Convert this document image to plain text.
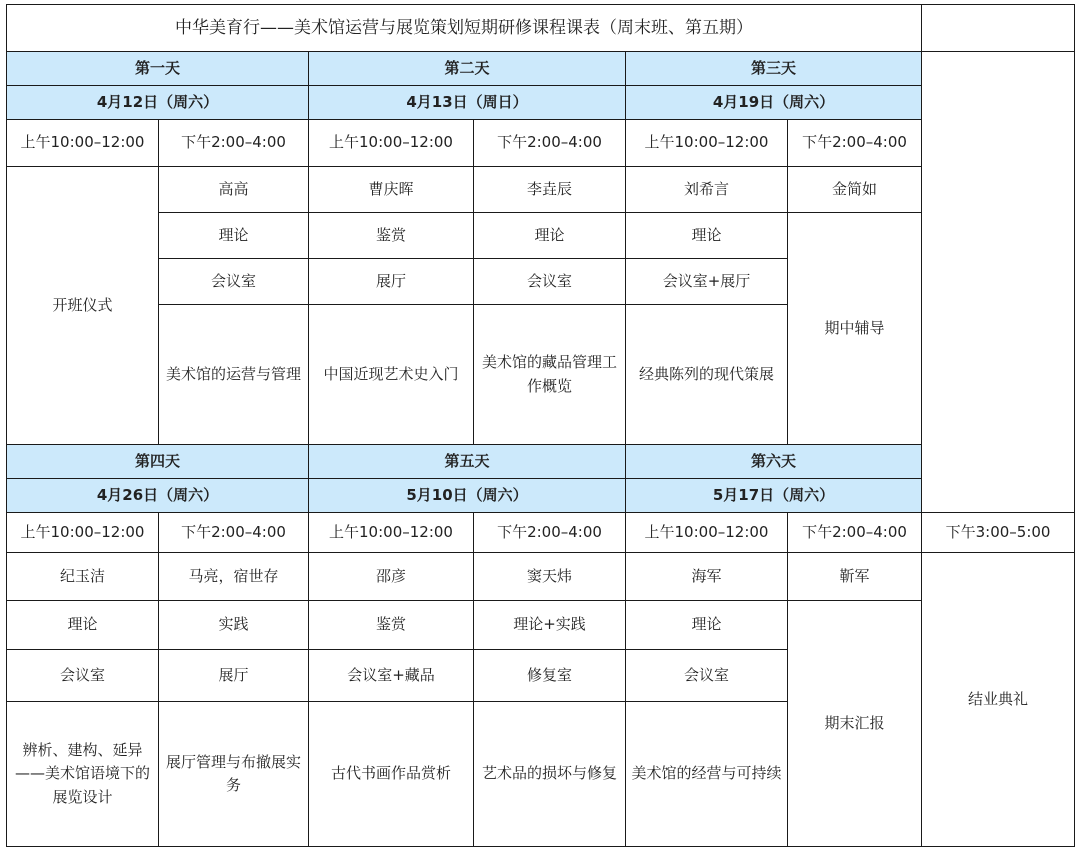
中华美育行——美术馆运营与展览策划短期研修课程课表（周末班、第五期）						
第一天		第二天		第三天		
4月12日（周六）		4月13日（周日）		4月19日（周六）		
上午10:00–12:00	下午2:00–4:00	上午10:00–12:00	下午2:00–4:00	上午10:00–12:00	下午2:00–4:00	
开班仪式	高高	曹庆晖	李垚辰	刘希言	金简如	
	理论	鉴赏	理论	理论	期中辅导	
	会议室	展厅	会议室	会议室+展厅		
	美术馆的运营与管理	中国近现艺术史入门	美术馆的藏品管理工作概览	经典陈列的现代策展		
第四天		第五天		第六天		
4月26日（周六）		5月10日（周六）		5月17日（周六）		
上午10:00–12:00	下午2:00–4:00	上午10:00–12:00	下午2:00–4:00	上午10:00–12:00	下午2:00–4:00	下午3:00–5:00
纪玉洁	马亮，宿世存	邵彦	窦天炜	海军	靳军	结业典礼
理论	实践	鉴赏	理论+实践	理论	期末汇报	
会议室	展厅	会议室+藏品	修复室	会议室		
辨析、建构、延异——美术馆语境下的展览设计	展厅管理与布撤展实务	古代书画作品赏析	艺术品的损坏与修复	美术馆的经营与可持续		
